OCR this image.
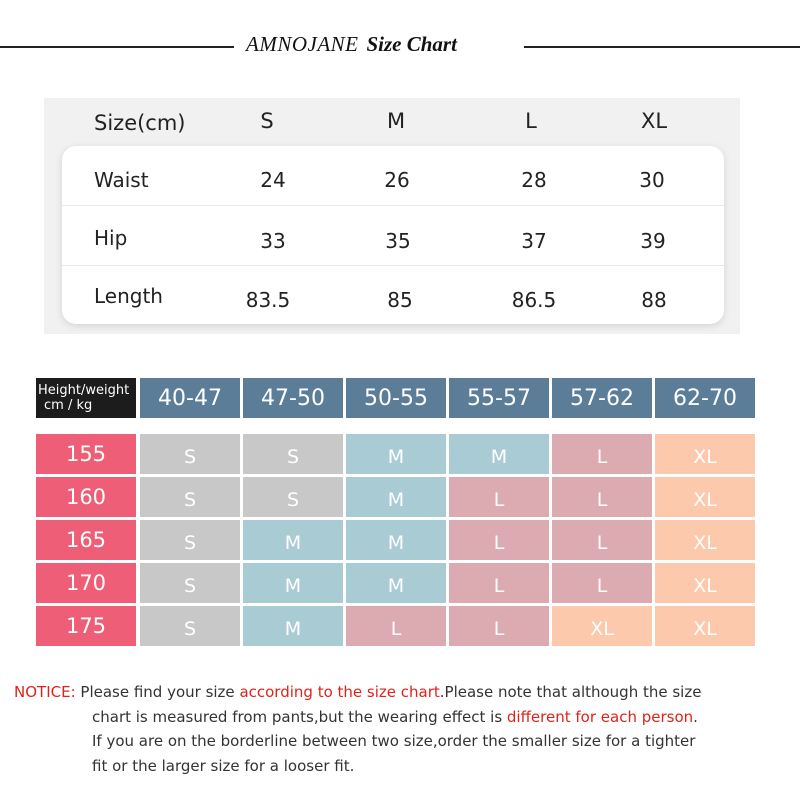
AMNOJANE Size Chart
Size(cm)	S	M	L	XL
Waist	24	26	28	30
Hip	33	35	37	39
Length	83.5	85	86.5	88
Height/weight
cm / kg	40-47	47-50	50-55	55-57	57-62	62-70
155	S	S	M	M	L	XL
160	S	S	M	L	L	XL
165	S	M	M	L	L	XL
170	S	M	M	L	L	XL
175	S	M	L	L	XL	XL
NOTICE: Please find your size according to the size chart.Please note that although the size
chart is measured from pants,but the wearing effect is different for each person.
If you are on the borderline between two size,order the smaller size for a tighter
fit or the larger size for a looser fit.
